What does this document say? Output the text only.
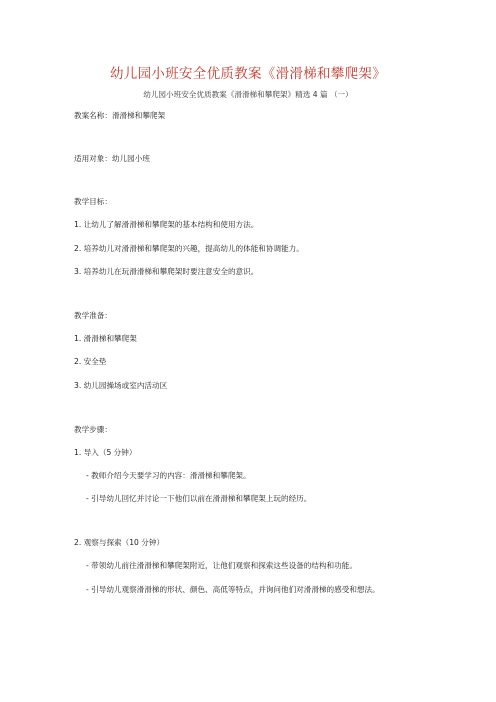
幼儿园小班安全优质教案《滑滑梯和攀爬架》
幼儿园小班安全优质教案《滑滑梯和攀爬架》精选 4 篇 （一）
教案名称：滑滑梯和攀爬架
适用对象：幼儿园小班
教学目标：
1. 让幼儿了解滑滑梯和攀爬架的基本结构和使用方法。
2. 培养幼儿对滑滑梯和攀爬架的兴趣，提高幼儿的体能和协调能力。
3. 培养幼儿在玩滑滑梯和攀爬架时要注意安全的意识。
教学准备：
1. 滑滑梯和攀爬架
2. 安全垫
3. 幼儿园操场或室内活动区
教学步骤：
1. 导入（5 分钟）
- 教师介绍今天要学习的内容：滑滑梯和攀爬架。
- 引导幼儿回忆并讨论一下他们以前在滑滑梯和攀爬架上玩的经历。
2. 观察与探索（10 分钟）
- 带领幼儿前往滑滑梯和攀爬架附近，让他们观察和探索这些设备的结构和功能。
- 引导幼儿观察滑滑梯的形状、颜色、高低等特点，并询问他们对滑滑梯的感受和想法。
